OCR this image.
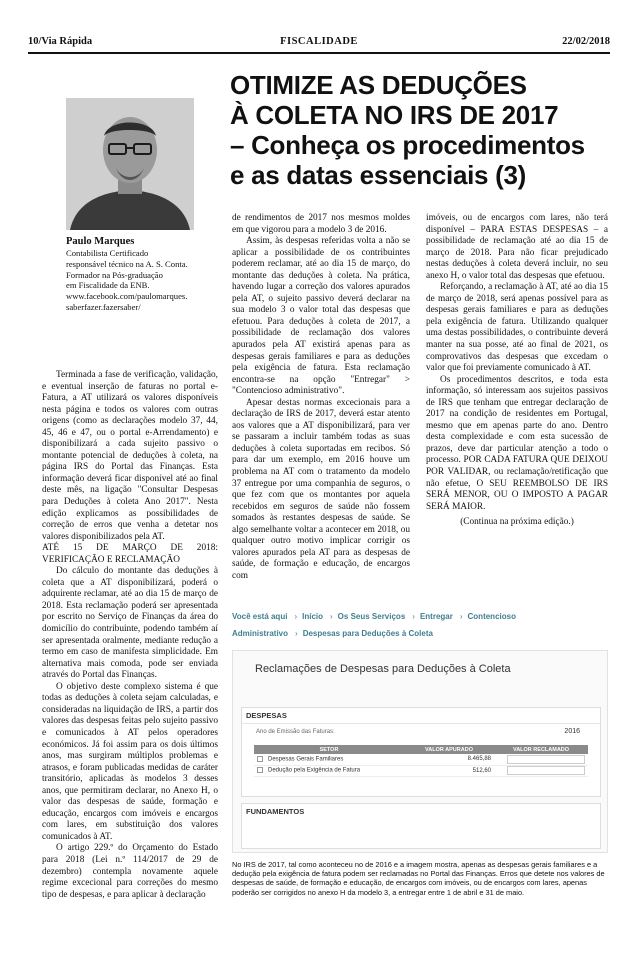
10/Via Rápida	FISCALIDADE	22/02/2018
Paulo Marques
Contabilista Certificado
responsável técnico na A. S. Conta.
Formador na Pós-graduação
em Fiscalidade da ENB.
www.facebook.com/paulomarques.
saberfazer.fazersaber/
OTIMIZE AS DEDUÇÕES
À COLETA NO IRS DE 2017
– Conheça os procedimentos
e as datas essenciais (3)

Terminada a fase de verificação, validação, e eventual inserção de faturas no portal e-Fatura, a AT utilizará os valores disponíveis nesta página e todos os valores com outras origens (como as declarações modelo 37, 44, 45, 46 e 47, ou o portal e-Arrendamento) e disponibilizará a cada sujeito passivo o montante potencial de deduções à coleta, na página IRS do Portal das Finanças. Esta informação deverá ficar disponível até ao final deste mês, na ligação "Consultar Despesas para Deduções à coleta Ano 2017". Nesta edição explicamos as possibilidades de correção de erros que venha a detetar nos valores disponibilizados pela AT.

ATÉ 15 DE MARÇO DE 2018: VERIFICAÇÃO E RECLAMAÇÃO

Do cálculo do montante das deduções à coleta que a AT disponibilizará, poderá o adquirente reclamar, até ao dia 15 de março de 2018. Esta reclamação poderá ser apresentada por escrito no Serviço de Finanças da área do domicílio do contribuinte, podendo também aí ser apresentada oralmente, mediante redução a termo em caso de manifesta simplicidade. Em alternativa mais comoda, pode ser enviada através do Portal das Finanças.

O objetivo deste complexo sistema é que todas as deduções à coleta sejam calculadas, e consideradas na liquidação de IRS, a partir dos valores das despesas feitas pelo sujeito passivo e comunicados à AT pelos operadores económicos. Já foi assim para os dois últimos anos, mas surgiram múltiplos problemas e atrasos, e foram publicadas medidas de caráter transitório, aplicadas às modelos 3 desses anos, que permitiram declarar, no Anexo H, o valor das despesas de saúde, formação e educação, encargos com imóveis e encargos com lares, em substituição dos valores comunicados à AT.

O artigo 229.º do Orçamento do Estado para 2018 (Lei n.º 114/2017 de 29 de dezembro) contempla novamente aquele regime excecional para correções do mesmo tipo de despesas, e para aplicar à declaração

de rendimentos de 2017 nos mesmos moldes em que vigorou para a modelo 3 de 2016.

Assim, às despesas referidas volta a não se aplicar a possibilidade de os contribuintes poderem reclamar, até ao dia 15 de março, do montante das deduções à coleta. Na prática, havendo lugar a correção dos valores apurados pela AT, o sujeito passivo deverá declarar na sua modelo 3 o valor total das despesas que efetuou. Para deduções à coleta de 2017, a possibilidade de reclamação dos valores apurados pela AT existirá apenas para as despesas gerais familiares e para as deduções pela exigência de fatura. Esta reclamação encontra-se na opção "Entregar" > "Contencioso administrativo".

Apesar destas normas excecionais para a declaração de IRS de 2017, deverá estar atento aos valores que a AT disponibilizará, para ver se passaram a incluir também todas as suas deduções à coleta suportadas em recibos. Só para dar um exemplo, em 2016 houve um problema na AT com o tratamento da modelo 37 entregue por uma companhia de seguros, o que fez com que os montantes por aquela recebidos em seguros de saúde não fossem somados às restantes despesas de saúde. Se algo semelhante voltar a acontecer em 2018, ou qualquer outro motivo implicar corrigir os valores apurados pela AT para as despesas de saúde, de formação e educação, de encargos com

imóveis, ou de encargos com lares, não terá disponível – PARA ESTAS DESPESAS – a possibilidade de reclamação até ao dia 15 de março de 2018. Para não ficar prejudicado nestas deduções à coleta deverá incluir, no seu anexo H, o valor total das despesas que efetuou.

Reforçando, a reclamação à AT, até ao dia 15 de março de 2018, será apenas possível para as despesas gerais familiares e para as deduções pela exigência de fatura. Utilizando qualquer uma destas possibilidades, o contribuinte deverá manter na sua posse, até ao final de 2021, os comprovativos das despesas que excedam o valor que foi previamente comunicado à AT.

Os procedimentos descritos, e toda esta informação, só interessam aos sujeitos passivos de IRS que tenham que entregar declaração de 2017 na condição de residentes em Portugal, mesmo que em apenas parte do ano. Dentro desta complexidade e com esta sucessão de prazos, deve dar particular atenção a todo o processo. POR CADA FATURA QUE DEIXOU POR VALIDAR, ou reclamação/retificação que não efetue, O SEU REEMBOLSO DE IRS SERÁ MENOR, OU O IMPOSTO A PAGAR SERÁ MAIOR.

(Continua na próxima edição.)

Você está aqui › Início › Os Seus Serviços › Entregar › Contencioso Administrativo › Despesas para Deduções à Coleta
Reclamações de Despesas para Deduções à Coleta
DESPESAS
Ano de Emissão das Faturas:	2016
SETOR	VALOR APURADO	VALOR RECLAMADO
Despesas Gerais Familiares	8.465,88	

Dedução pela Exigência de Fatura	512,60	
FUNDAMENTOS
No IRS de 2017, tal como aconteceu no de 2016 e a imagem mostra, apenas as despesas gerais familiares e a dedução pela exigência de fatura podem ser reclamadas no Portal das Finanças. Erros que detete nos valores de despesas de saúde, de formação e educação, de encargos com imóveis, ou de encargos com lares, apenas poderão ser corrigidos no anexo H da modelo 3, a entregar entre 1 de abril e 31 de maio.
